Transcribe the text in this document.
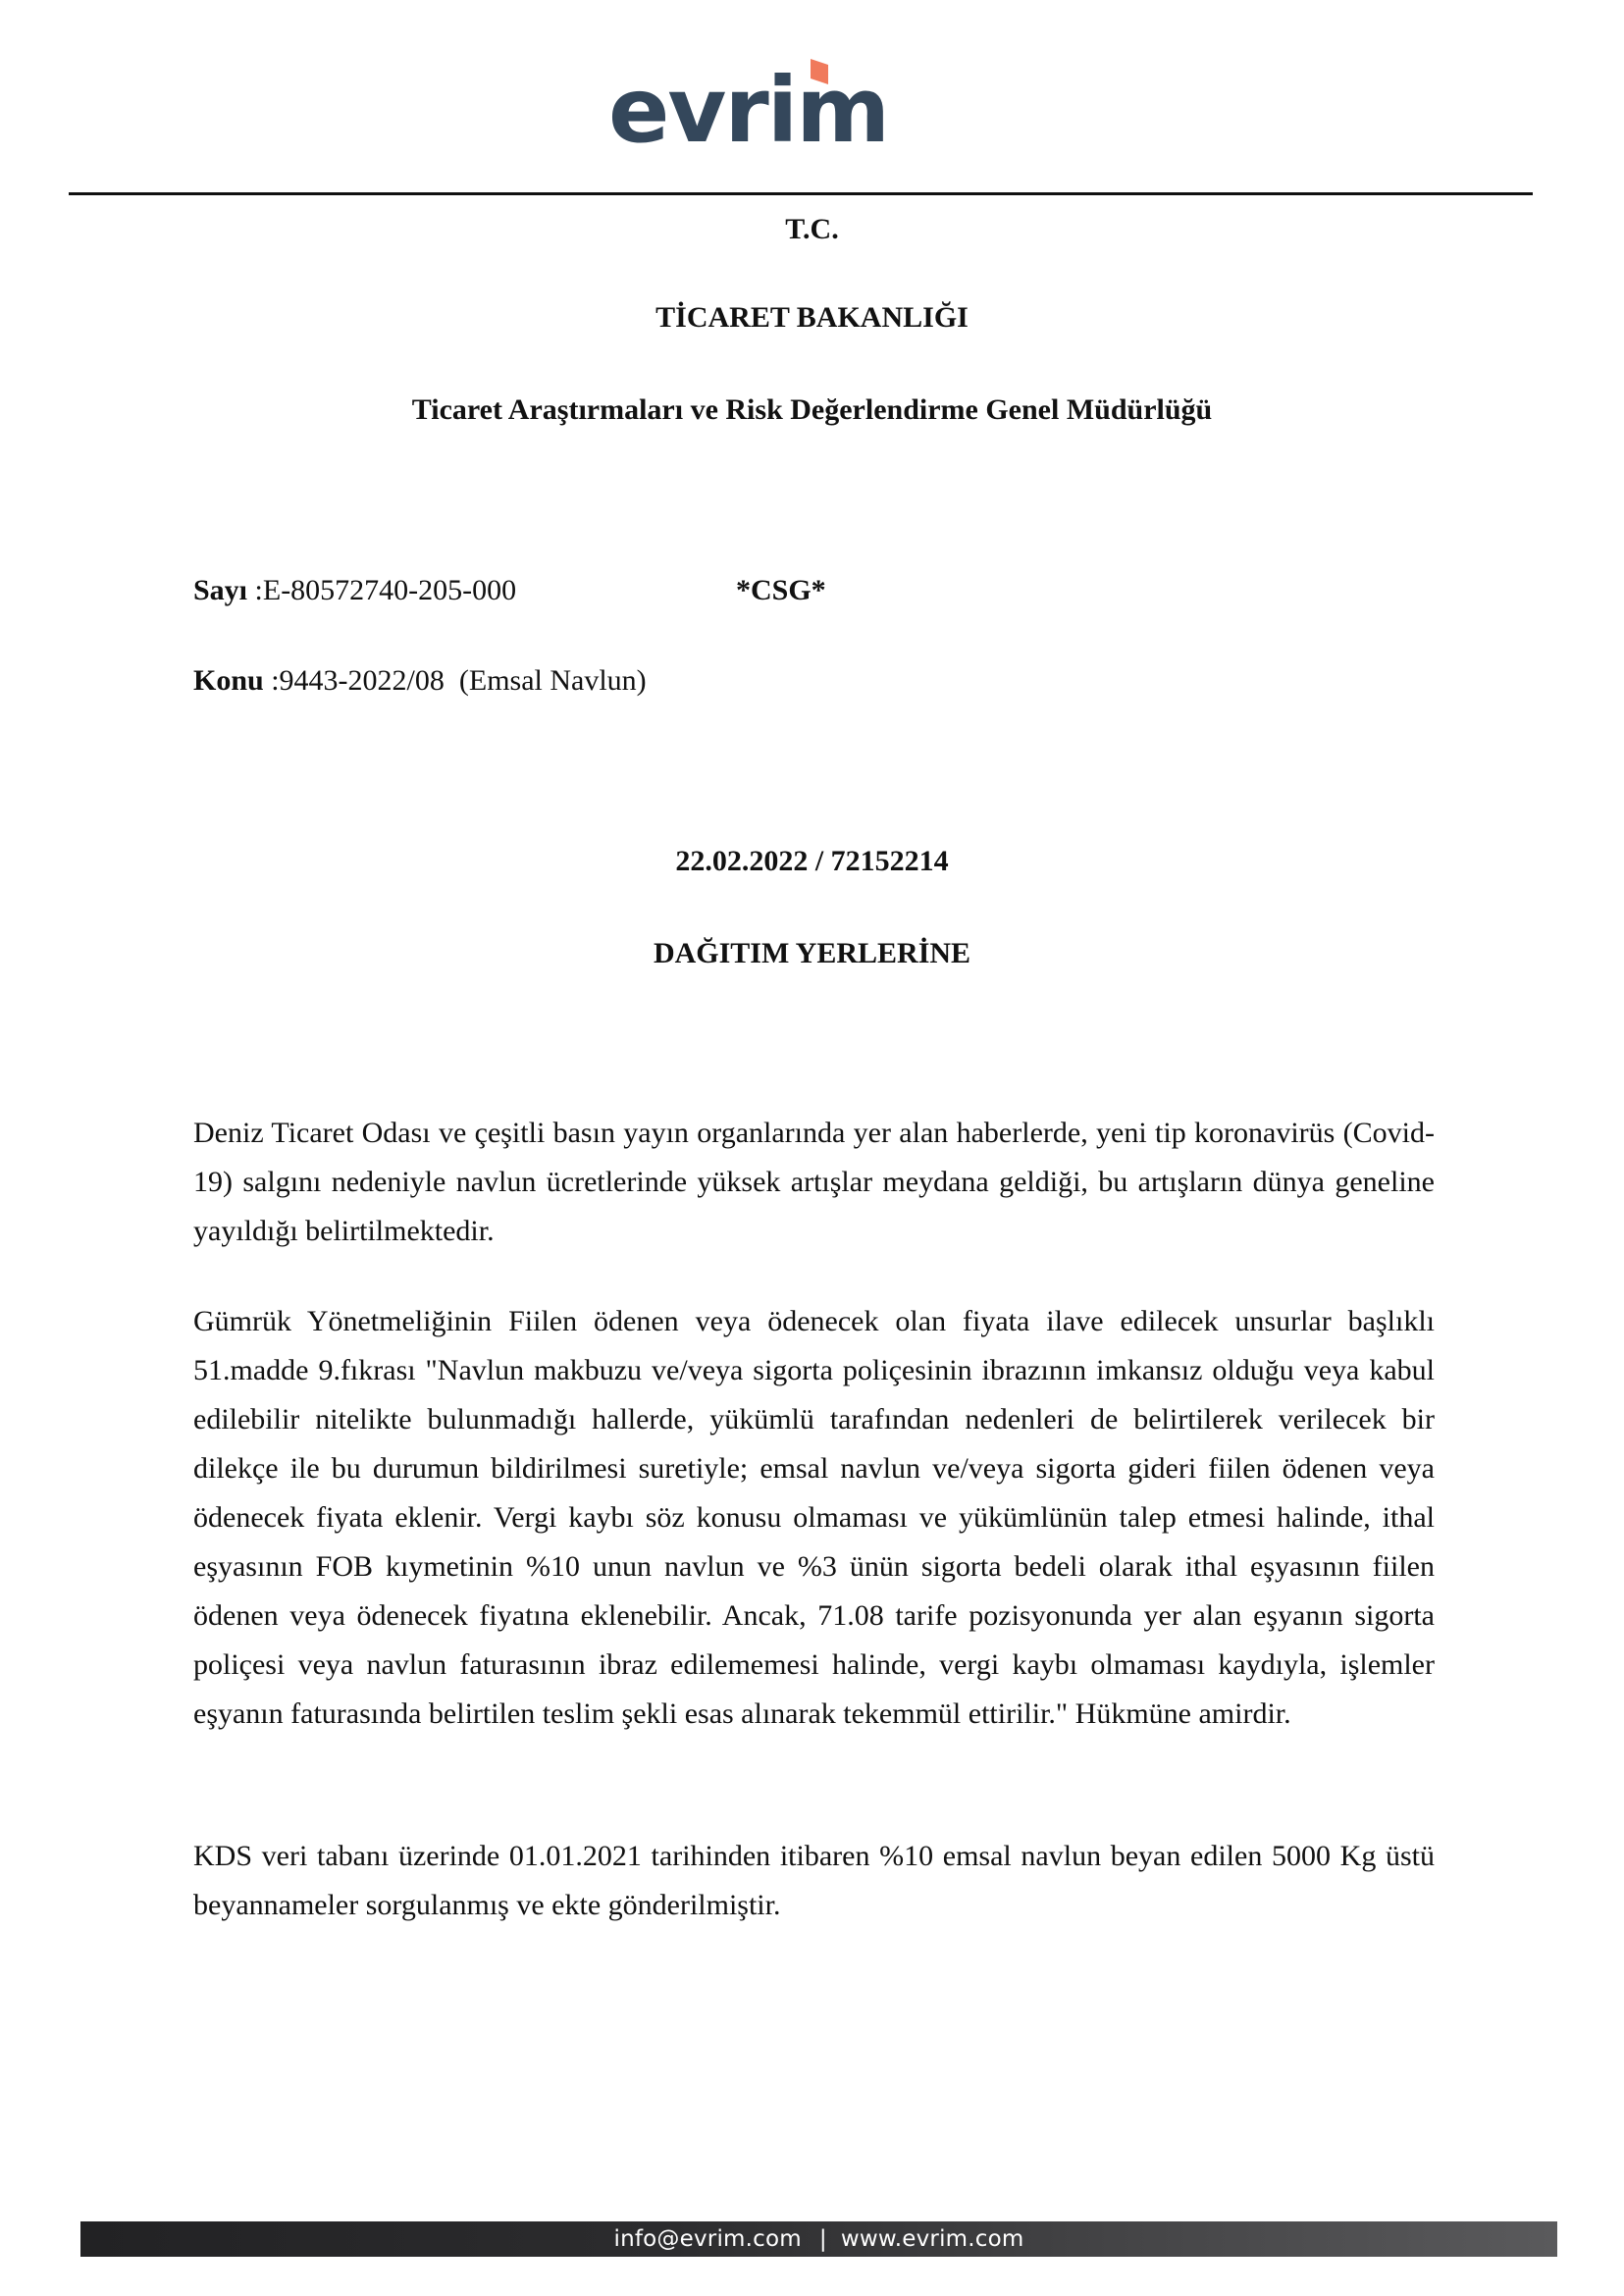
evrim
T.C.
TİCARET BAKANLIĞI
Ticaret Araştırmaları ve Risk Değerlendirme Genel Müdürlüğü
Sayı :E-80572740-205-000	*CSG*
Konu :9443-2022/08  (Emsal Navlun)
22.02.2022 / 72152214
DAĞITIM YERLERİNE

Deniz Ticaret Odası ve çeşitli basın yayın organlarında yer alan haberlerde, yeni tip koronavirüs (Covid-19) salgını nedeniyle navlun ücretlerinde yüksek artışlar meydana geldiği, bu artışların dünya geneline yayıldığı belirtilmektedir.

Gümrük Yönetmeliğinin Fiilen ödenen veya ödenecek olan fiyata ilave edilecek unsurlar başlıklı 51.madde 9.fıkrası "Navlun makbuzu ve/veya sigorta poliçesinin ibrazının imkansız olduğu veya kabul edilebilir nitelikte bulunmadığı hallerde, yükümlü tarafından nedenleri de belirtilerek verilecek bir dilekçe ile bu durumun bildirilmesi suretiyle; emsal navlun ve/veya sigorta gideri fiilen ödenen veya ödenecek fiyata eklenir. Vergi kaybı söz konusu olmaması ve yükümlünün talep etmesi halinde, ithal eşyasının FOB kıymetinin %10 unun navlun ve %3 ünün sigorta bedeli olarak ithal eşyasının fiilen ödenen veya ödenecek fiyatına eklenebilir. Ancak, 71.08 tarife pozisyonunda yer alan eşyanın sigorta poliçesi veya navlun faturasının ibraz edilememesi halinde, vergi kaybı olmaması kaydıyla, işlemler eşyanın faturasında belirtilen teslim şekli esas alınarak tekemmül ettirilir." Hükmüne amirdir.

KDS veri tabanı üzerinde 01.01.2021 tarihinden itibaren %10 emsal navlun beyan edilen 5000 Kg üstü beyannameler sorgulanmış ve ekte gönderilmiştir.

info@evrim.com | www.evrim.com
